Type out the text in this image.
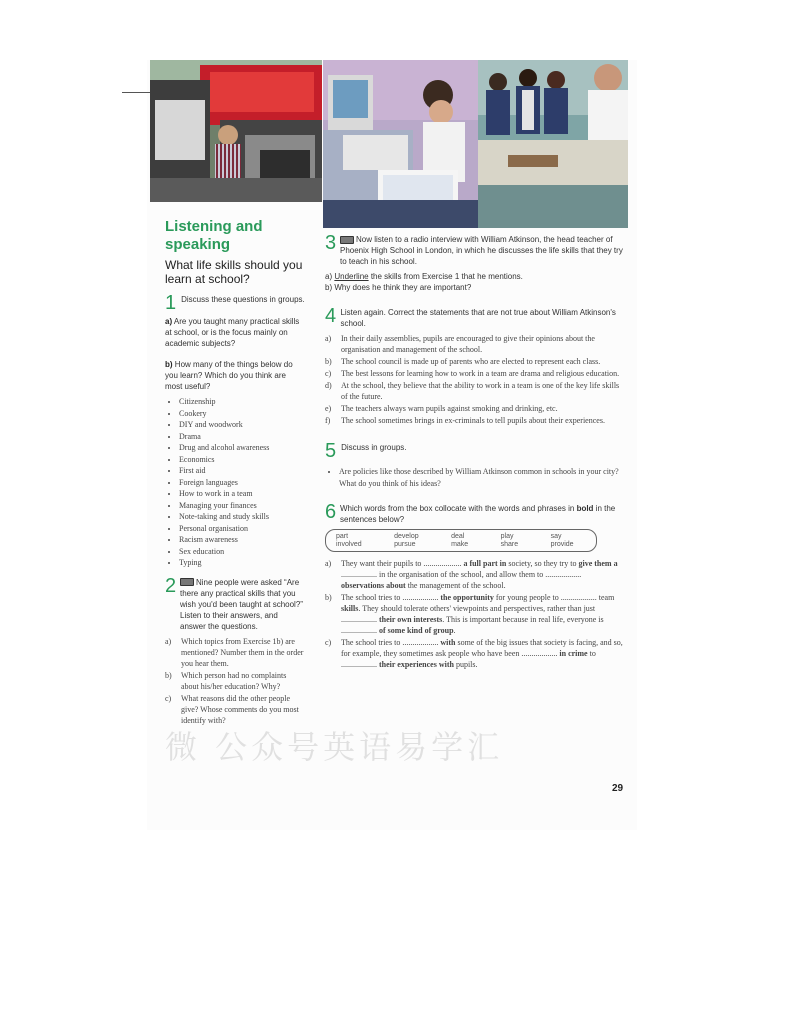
Listening and speaking
What life skills should you learn at school?
1 Discuss these questions in groups.

a) Are you taught many practical skills at school, or is the focus mainly on academic subjects?

b) How many of the things below do you learn? Which do you think are most useful?

• Citizenship
• Cookery
• DIY and woodwork
• Drama
• Drug and alcohol awareness
• Economics
• First aid
• Foreign languages
• How to work in a team
• Managing your finances
• Note-taking and study skills
• Personal organisation
• Racism awareness
• Sex education
• Typing
2	Nine people were asked “Are there any practical skills that you wish you'd been taught at school?” Listen to their answers, and answer the questions.
a)	Which topics from Exercise 1b) are mentioned? Number them in the order you hear them.
b)	Which person had no complaints about his/her education? Why?
c)	What reasons did the other people give? Whose comments do you most identify with?
3	Now listen to a radio interview with William Atkinson, the head teacher of Phoenix High School in London, in which he discusses the life skills that they try to teach in his school.

a) Underline the skills from Exercise 1 that he mentions.

b) Why does he think they are important?

4 Listen again. Correct the statements that are not true about William Atkinson's school.
a)	In their daily assemblies, pupils are encouraged to give their opinions about the organisation and management of the school.
b)	The school council is made up of parents who are elected to represent each class.
c)	The best lessons for learning how to work in a team are drama and religious education.
d)	At the school, they believe that the ability to work in a team is one of the key life skills of the future.
e)	The teachers always warn pupils against smoking and drinking, etc.
f)	The school sometimes brings in ex-criminals to tell pupils about their experiences.
5 Discuss in groups.
• Are policies like those described by William Atkinson common in schools in your city? What do you think of his ideas?
6 Which words from the box collocate with the words and phrases in bold in the sentences below?
part	develop	deal	play	say
involved	pursue	make	share	provide
a)	They want their pupils to ................... a full part in society, so they try to give them a .................. in the organisation of the school, and allow them to .................. observations about the management of the school.
b)	The school tries to .................. the opportunity for young people to .................. team skills. They should tolerate others' viewpoints and perspectives, rather than just .................. their own interests. This is important because in real life, everyone is .................. of some kind of group.
c)	The school tries to .................. with some of the big issues that society is facing, and so, for example, they sometimes ask people who have been .................. in crime to .................. their experiences with pupils.
微 公众号英语易学汇
29
